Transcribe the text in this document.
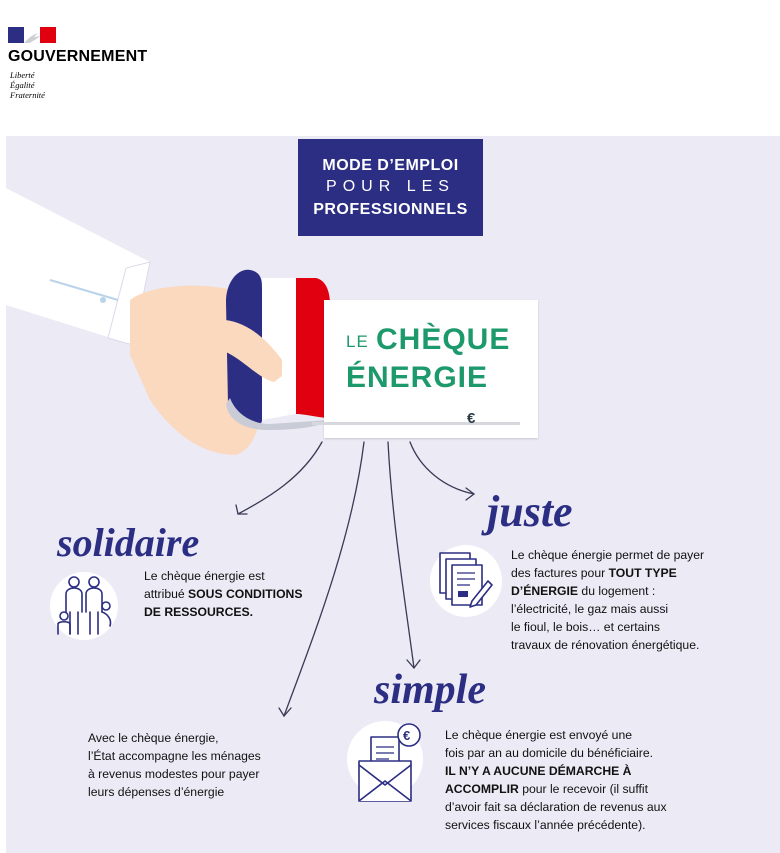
GOUVERNEMENT
Liberté
Égalité
Fraternité
MODE D’EMPLOI
POUR LES
PROFESSIONNELS
LE CHÈQUE
ÉNERGIE
€
solidaire
juste
simple
€
Le chèque énergie est
attribué SOUS CONDITIONS
DE RESSOURCES.
Le chèque énergie permet de payer
des factures pour TOUT TYPE
D’ÉNERGIE du logement :
l’électricité, le gaz mais aussi
le fioul, le bois… et certains
travaux de rénovation énergétique.
Le chèque énergie est envoyé une
fois par an au domicile du bénéficiaire.
IL N’Y A AUCUNE DÉMARCHE À
ACCOMPLIR pour le recevoir (il suffit
d’avoir fait sa déclaration de revenus aux
services fiscaux l’année précédente).
Avec le chèque énergie,
l’État accompagne les ménages
à revenus modestes pour payer
leurs dépenses d’énergie
